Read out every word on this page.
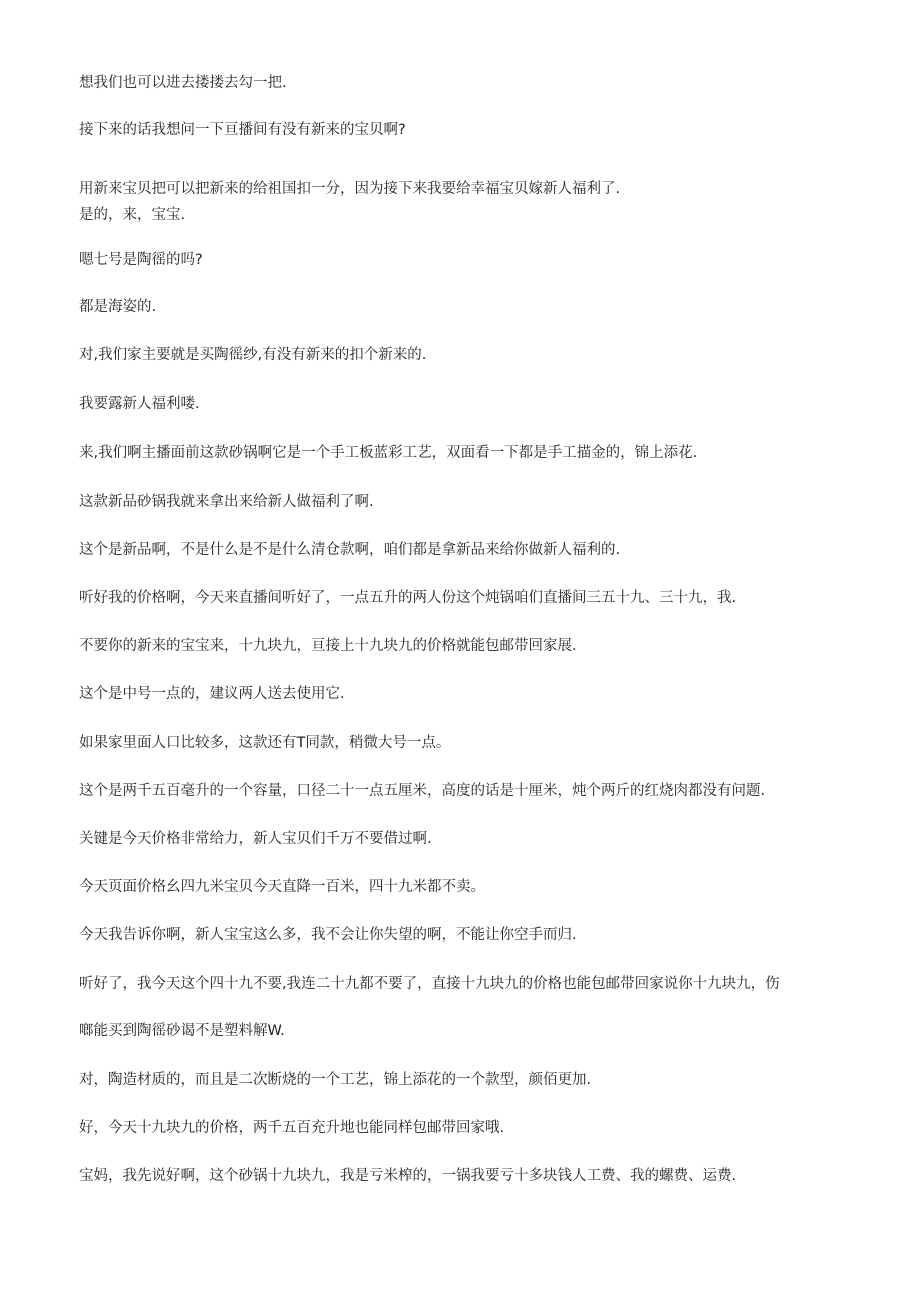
想我们也可以进去搂搂去勾一把.
接下来的话我想问一下亘播间有没有新来的宝贝啊?
用新来宝贝把可以把新来的给祖国扣一分，因为接下来我要给幸福宝贝嫁新人福利了.
是的，来，宝宝.
嗯七号是陶徭的吗?
都是海姿的.
对,我们家主要就是买陶徭纱,有没有新来的扣个新来的.
我要露新人福利喽.
来,我们啊主播面前这款砂锅啊它是一个手工板蓝彩工艺，双面看一下都是手工描金的，锦上添花.
这款新品砂锅我就来拿出来给新人做福利了啊.
这个是新品啊，不是什么是不是什么清仓款啊，咱们都是拿新品来给你做新人福利的.
听好我的价格啊，今天来直播间听好了，一点五升的两人份这个炖锅咱们直播间三五十九、三十九，我.
不要你的新来的宝宝来，十九块九，亘接上十九块九的价格就能包邮带回家展.
这个是中号一点的，建议两人送去使用它.
如果家里面人口比较多，这款还有T同款，稍微大号一点。
这个是两千五百毫升的一个容量，口径二十一点五厘米，高度的话是十厘米，炖个两斤的红烧肉都没有问题.
关键是今天价格非常给力，新人宝贝们千万不要借过啊.
今天页面价格幺四九米宝贝今天直降一百米，四十九米都不卖。
今天我告诉你啊，新人宝宝这么多，我不会让你失望的啊，不能让你空手而归.
听好了，我今天这个四十九不要,我连二十九都不要了，直接十九块九的价格也能包邮带回家说你十九块九，伤
啷能买到陶徭砂谒不是塑料解W.
对，陶造材质的，而且是二次断烧的一个工艺，锦上添花的一个款型，颜佰更加.
好，今天十九块九的价格，两千五百充升地也能同样包邮带回家哦.
宝妈，我先说好啊，这个砂锅十九块九，我是亏米榨的，一锅我要亏十多块钱人工费、我的螺费、运费.
